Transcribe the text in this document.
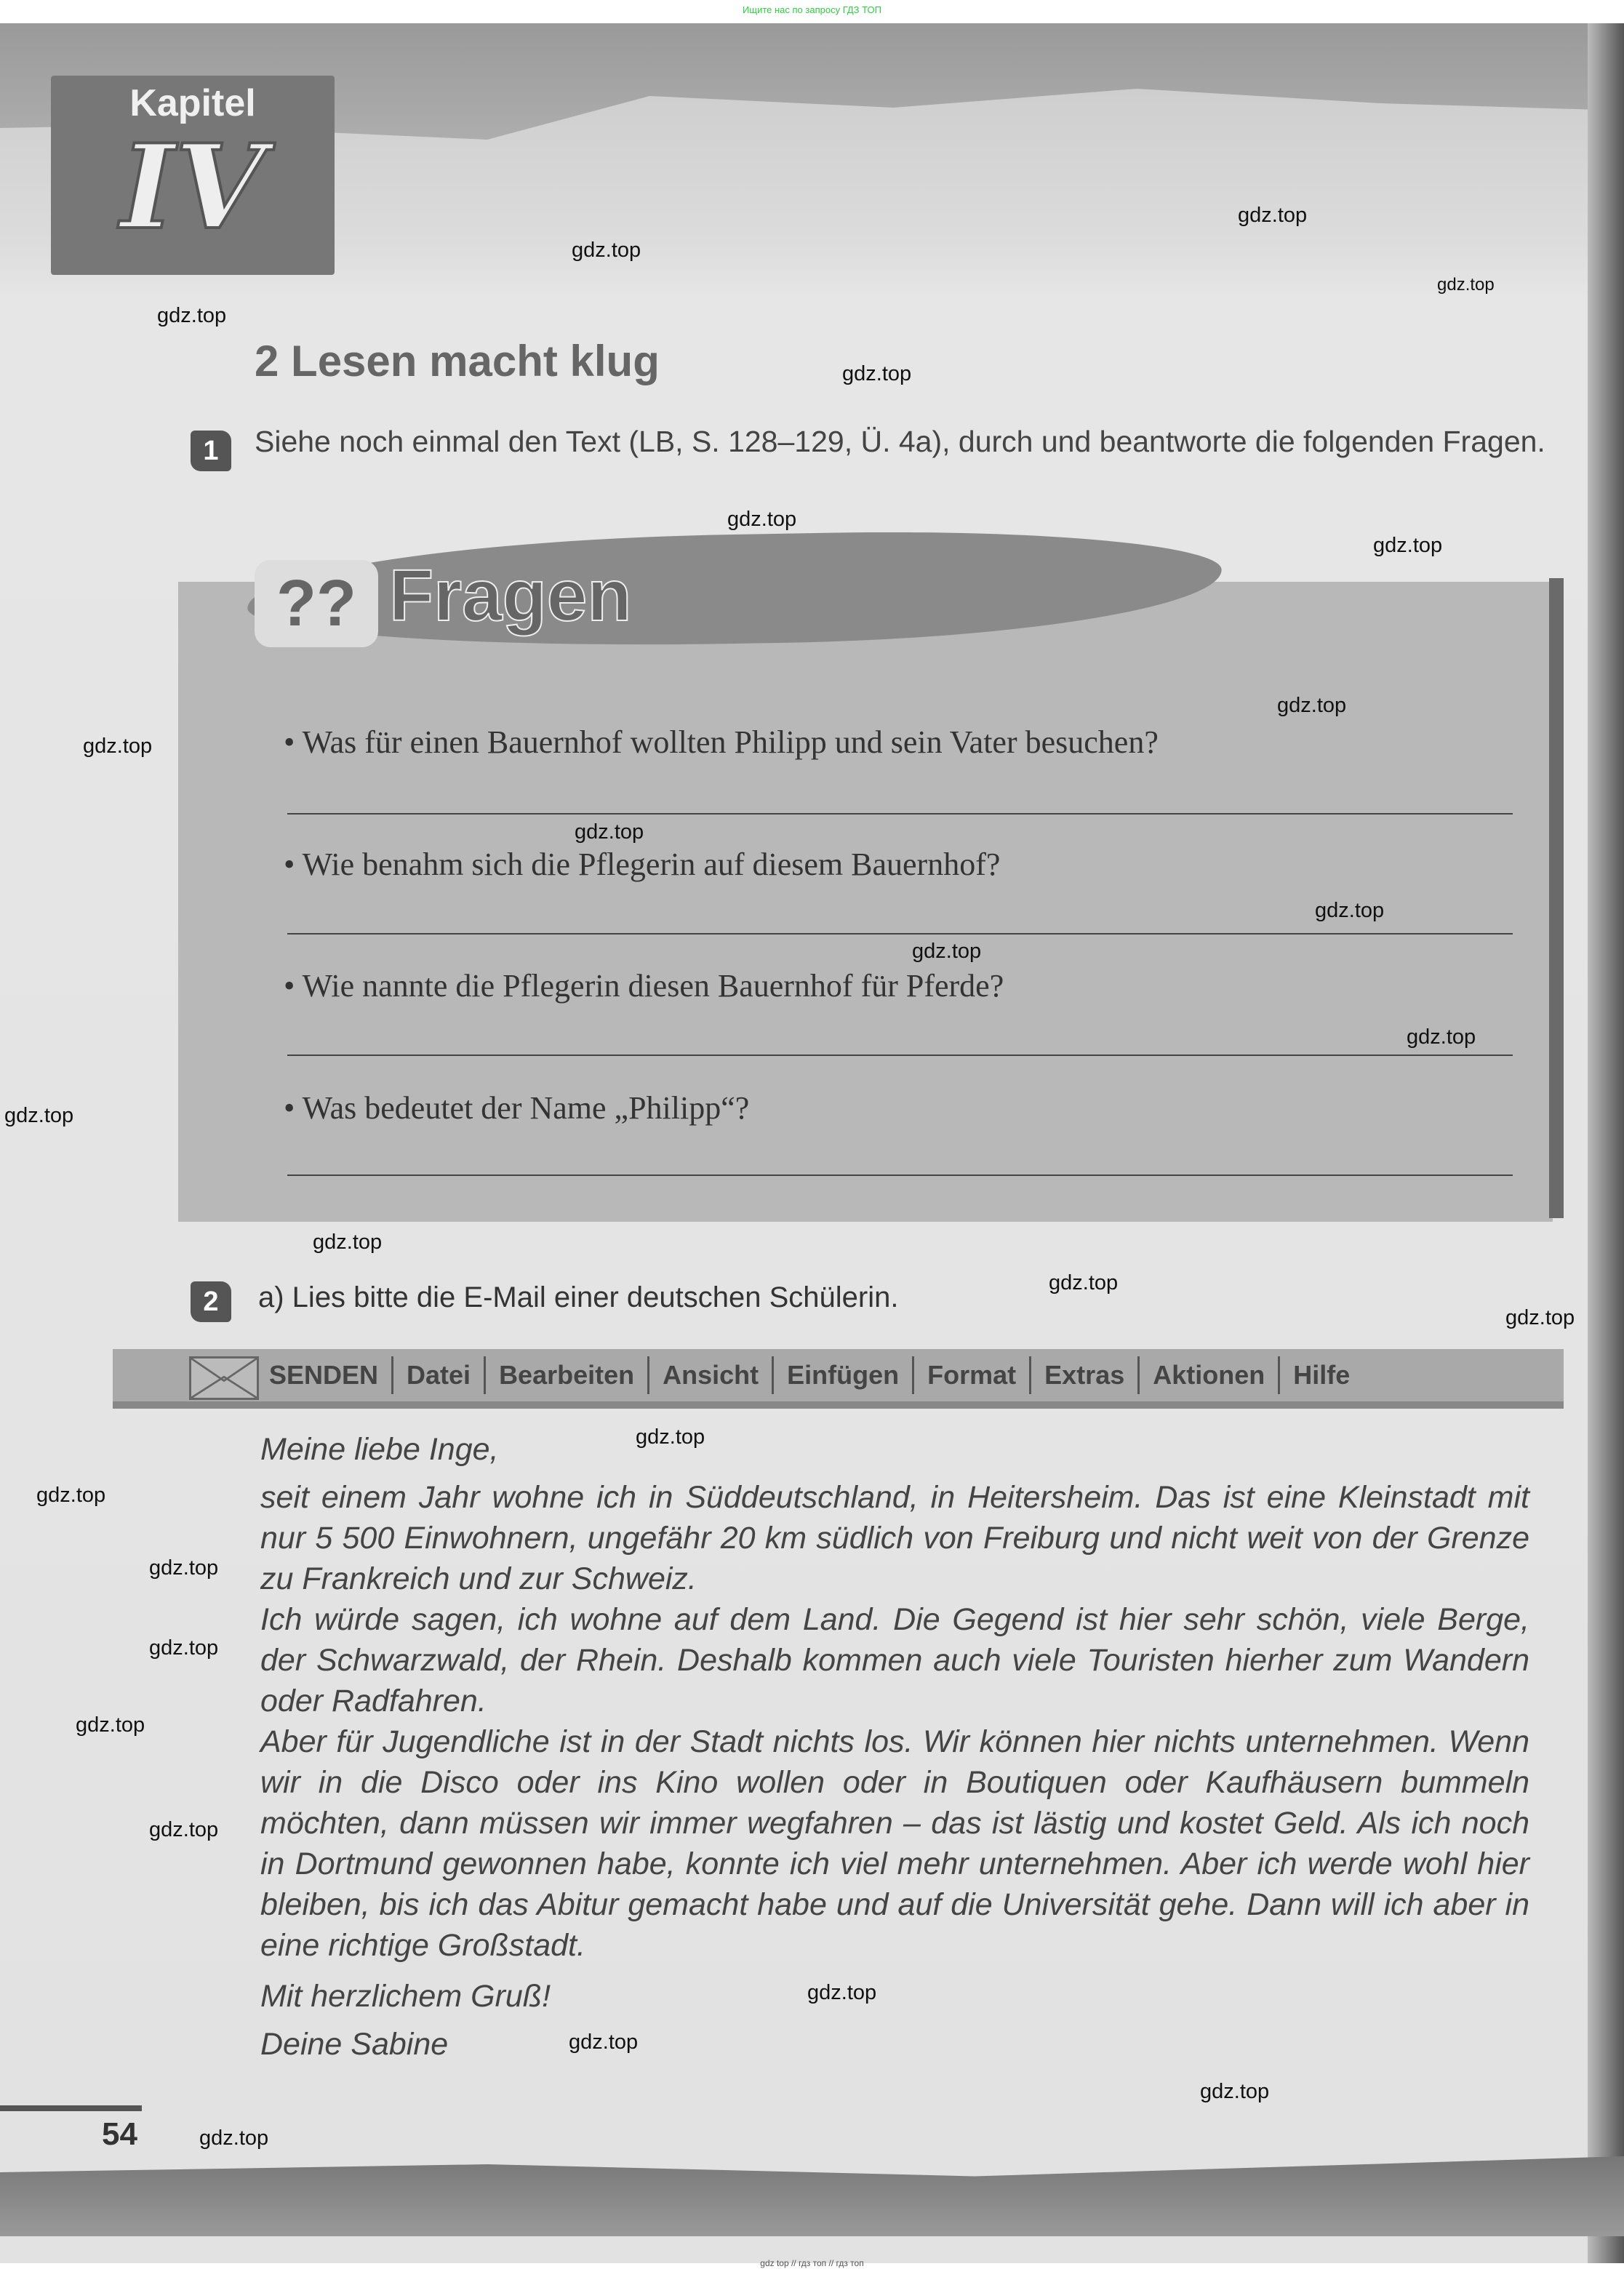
Ищите нас по запросу ГДЗ ТОП
Kapitel
IV
2 Lesen macht klug
1	Siehe noch einmal den Text (LB, S. 128–129, Ü. 4a), durch und beantworte die folgenden Fragen.
?? Fragen
• Was für einen Bauernhof wollten Philipp und sein Vater besuchen?
• Wie benahm sich die Pflegerin auf diesem Bauernhof?
• Wie nannte die Pflegerin diesen Bauernhof für Pferde?
• Was bedeutet der Name „Philipp“?
2	a) Lies bitte die E-Mail einer deutschen Schülerin.
SENDEN	Datei	Bearbeiten	Ansicht	Einfügen	Format	Extras	Aktionen	Hilfe

Meine liebe Inge,

seit einem Jahr wohne ich in Süddeutschland, in Heitersheim. Das ist eine Kleinstadt mit nur 5 500 Einwohnern, ungefähr 20 km südlich von Freiburg und nicht weit von der Grenze zu Frankreich und zur Schweiz.

Ich würde sagen, ich wohne auf dem Land. Die Gegend ist hier sehr schön, viele Berge, der Schwarzwald, der Rhein. Deshalb kommen auch viele Touristen hierher zum Wandern oder Radfahren.

Aber für Jugendliche ist in der Stadt nichts los. Wir können hier nichts unternehmen. Wenn wir in die Disco oder ins Kino wollen oder in Boutiquen oder Kaufhäusern bummeln möchten, dann müssen wir immer wegfahren – das ist lästig und kostet Geld. Als ich noch in Dortmund gewonnen habe, konnte ich viel mehr unternehmen. Aber ich werde wohl hier bleiben, bis ich das Abitur gemacht habe und auf die Universität gehe. Dann will ich aber in eine richtige Großstadt.

Mit herzlichem Gruß!

Deine Sabine

54
gdz top // гдз топ // гдз топ
gdz.top
gdz.top
gdz.top
gdz.top
gdz.top
gdz.top
gdz.top
gdz.top
gdz.top
gdz.top
gdz.top
gdz.top
gdz.top
gdz.top
gdz.top
gdz.top
gdz.top
gdz.top
gdz.top
gdz.top
gdz.top
gdz.top
gdz.top
gdz.top
gdz.top
gdz.top
gdz.top
